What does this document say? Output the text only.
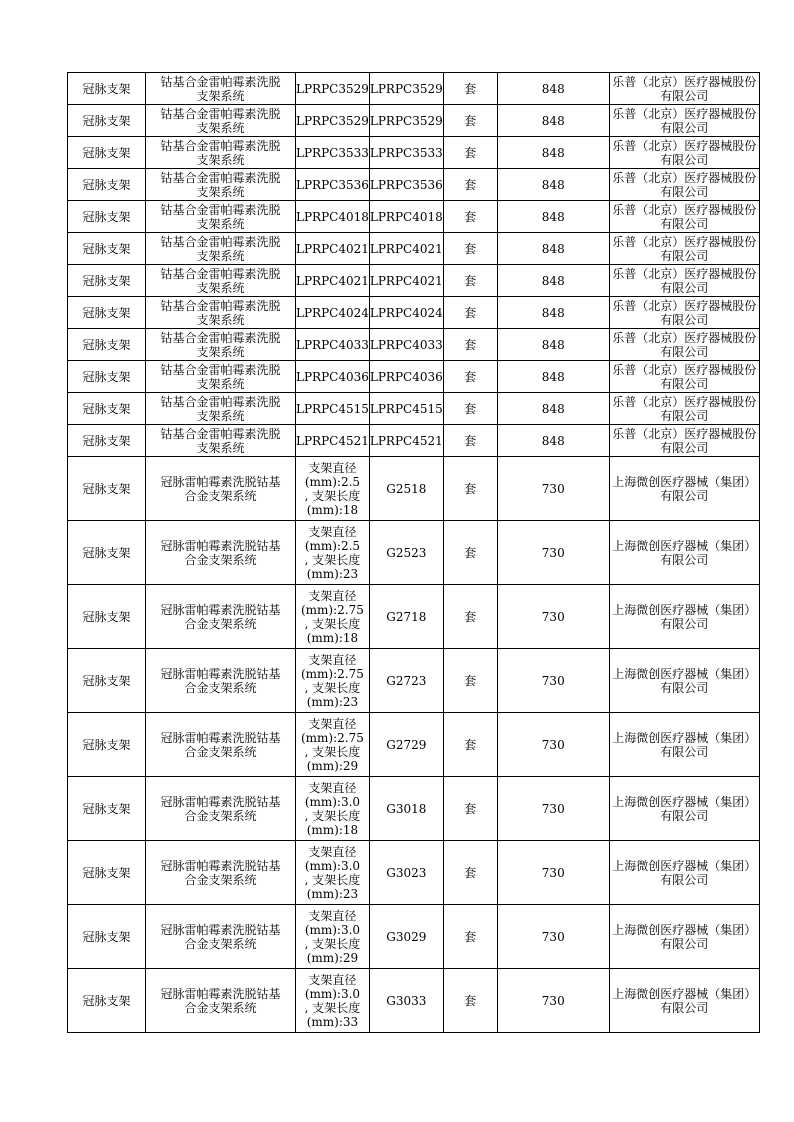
冠脉支架	钴基合金雷帕霉素洗脱
支架系统	LPRPC3529	LPRPC3529	套	848	乐普（北京）医疗器械股份
有限公司

冠脉支架	钴基合金雷帕霉素洗脱
支架系统	LPRPC3529	LPRPC3529	套	848	乐普（北京）医疗器械股份
有限公司

冠脉支架	钴基合金雷帕霉素洗脱
支架系统	LPRPC3533	LPRPC3533	套	848	乐普（北京）医疗器械股份
有限公司

冠脉支架	钴基合金雷帕霉素洗脱
支架系统	LPRPC3536	LPRPC3536	套	848	乐普（北京）医疗器械股份
有限公司

冠脉支架	钴基合金雷帕霉素洗脱
支架系统	LPRPC4018	LPRPC4018	套	848	乐普（北京）医疗器械股份
有限公司

冠脉支架	钴基合金雷帕霉素洗脱
支架系统	LPRPC4021	LPRPC4021	套	848	乐普（北京）医疗器械股份
有限公司

冠脉支架	钴基合金雷帕霉素洗脱
支架系统	LPRPC4021	LPRPC4021	套	848	乐普（北京）医疗器械股份
有限公司

冠脉支架	钴基合金雷帕霉素洗脱
支架系统	LPRPC4024	LPRPC4024	套	848	乐普（北京）医疗器械股份
有限公司

冠脉支架	钴基合金雷帕霉素洗脱
支架系统	LPRPC4033	LPRPC4033	套	848	乐普（北京）医疗器械股份
有限公司

冠脉支架	钴基合金雷帕霉素洗脱
支架系统	LPRPC4036	LPRPC4036	套	848	乐普（北京）医疗器械股份
有限公司

冠脉支架	钴基合金雷帕霉素洗脱
支架系统	LPRPC4515	LPRPC4515	套	848	乐普（北京）医疗器械股份
有限公司

冠脉支架	钴基合金雷帕霉素洗脱
支架系统	LPRPC4521	LPRPC4521	套	848	乐普（北京）医疗器械股份
有限公司

冠脉支架	冠脉雷帕霉素洗脱钴基
合金支架系统	支架直径
(mm):2.5
, 支架长度
(mm):18	G2518	套	730	上海微创医疗器械（集团）
有限公司

冠脉支架	冠脉雷帕霉素洗脱钴基
合金支架系统	支架直径
(mm):2.5
, 支架长度
(mm):23	G2523	套	730	上海微创医疗器械（集团）
有限公司

冠脉支架	冠脉雷帕霉素洗脱钴基
合金支架系统	支架直径
(mm):2.75
, 支架长度
(mm):18	G2718	套	730	上海微创医疗器械（集团）
有限公司

冠脉支架	冠脉雷帕霉素洗脱钴基
合金支架系统	支架直径
(mm):2.75
, 支架长度
(mm):23	G2723	套	730	上海微创医疗器械（集团）
有限公司

冠脉支架	冠脉雷帕霉素洗脱钴基
合金支架系统	支架直径
(mm):2.75
, 支架长度
(mm):29	G2729	套	730	上海微创医疗器械（集团）
有限公司

冠脉支架	冠脉雷帕霉素洗脱钴基
合金支架系统	支架直径
(mm):3.0
, 支架长度
(mm):18	G3018	套	730	上海微创医疗器械（集团）
有限公司

冠脉支架	冠脉雷帕霉素洗脱钴基
合金支架系统	支架直径
(mm):3.0
, 支架长度
(mm):23	G3023	套	730	上海微创医疗器械（集团）
有限公司

冠脉支架	冠脉雷帕霉素洗脱钴基
合金支架系统	支架直径
(mm):3.0
, 支架长度
(mm):29	G3029	套	730	上海微创医疗器械（集团）
有限公司

冠脉支架	冠脉雷帕霉素洗脱钴基
合金支架系统	支架直径
(mm):3.0
, 支架长度
(mm):33	G3033	套	730	上海微创医疗器械（集团）
有限公司
